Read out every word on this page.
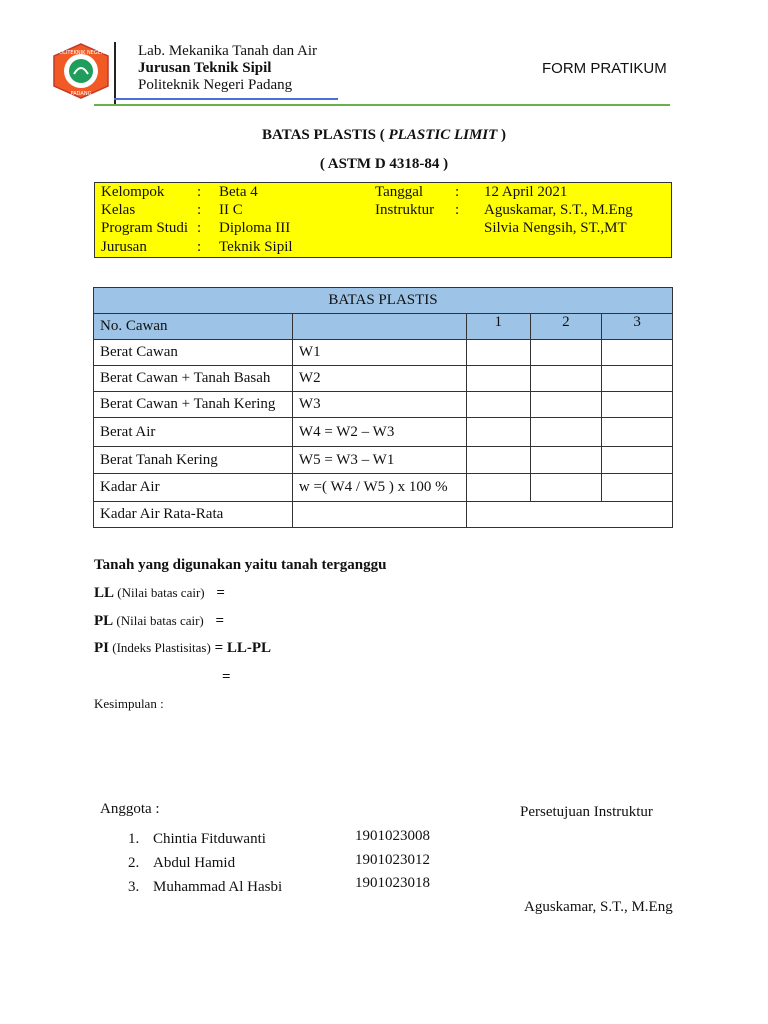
POLITEKNIK NEGERI
PADANG
Lab. Mekanika Tanah dan Air
Jurusan Teknik Sipil
Politeknik Negeri Padang
FORM PRATIKUM
BATAS PLASTIS ( PLASTIC LIMIT )
( ASTM D 4318-84 )
Kelompok : Beta 4	Tanggal : 12 April 2021
Kelas	: II C	Instruktur : Aguskamar, S.T., M.Eng
Program Studi : Diploma III	Silvia Nengsih, ST.,MT
Jurusan	: Teknik Sipil
BATAS PLASTIS				
No. Cawan		1	2	3
Berat Cawan	W1			
Berat Cawan + Tanah Basah	W2			
Berat Cawan + Tanah Kering	W3			
Berat Air	W4 = W2 – W3			
Berat Tanah Kering	W5 = W3 – W1			
Kadar Air	w =( W4 / W5 ) x 100 %			
Kadar Air Rata-Rata				
Tanah yang digunakan yaitu tanah terganggu
LL (Nilai batas cair) =
PL (Nilai batas cair) =
PI (Indeks Plastisitas) = LL-PL
=
Kesimpulan :
Anggota :
1. Chintia Fitduwanti	1901023008
2. Abdul Hamid	1901023012
3. Muhammad Al Hasbi	1901023018
Persetujuan Instruktur
Aguskamar, S.T., M.Eng
